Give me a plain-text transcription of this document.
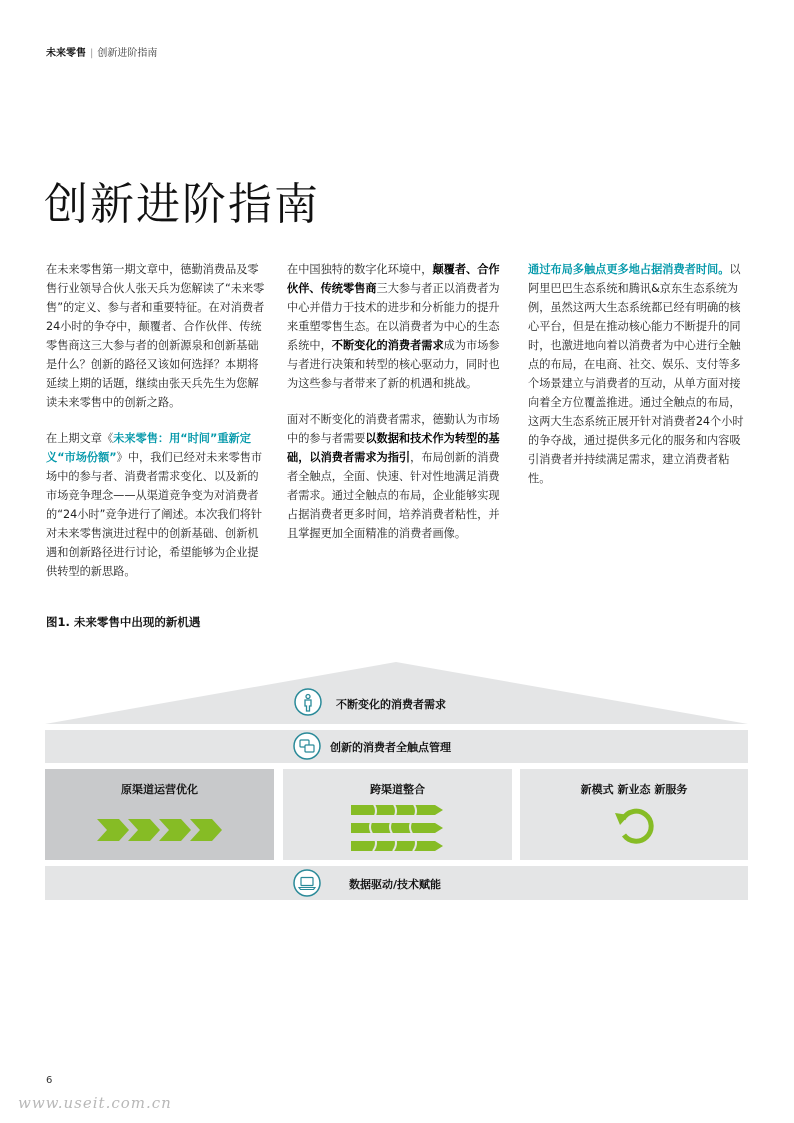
未来零售 | 创新进阶指南
创新进阶指南

在未来零售第一期文章中，德勤消费品及零售行业领导合伙人张天兵为您解读了“未来零售”的定义、参与者和重要特征。在对消费者24小时的争夺中，颠覆者、合作伙伴、传统零售商这三大参与者的创新源泉和创新基础是什么？创新的路径又该如何选择？本期将延续上期的话题，继续由张天兵先生为您解读未来零售中的创新之路。

在上期文章《未来零售：用“时间”重新定义“市场份额”》中，我们已经对未来零售市场中的参与者、消费者需求变化、以及新的市场竞争理念——从渠道竞争变为对消费者的“24小时”竞争进行了阐述。本次我们将针对未来零售演进过程中的创新基础、创新机遇和创新路径进行讨论，希望能够为企业提供转型的新思路。

在中国独特的数字化环境中，颠覆者、合作伙伴、传统零售商三大参与者正以消费者为中心并借力于技术的进步和分析能力的提升来重塑零售生态。在以消费者为中心的生态系统中，不断变化的消费者需求成为市场参与者进行决策和转型的核心驱动力，同时也为这些参与者带来了新的机遇和挑战。

面对不断变化的消费者需求，德勤认为市场中的参与者需要以数据和技术作为转型的基础，以消费者需求为指引，布局创新的消费者全触点，全面、快速、针对性地满足消费者需求。通过全触点的布局，企业能够实现占据消费者更多时间，培养消费者粘性，并且掌握更加全面精准的消费者画像。

通过布局多触点更多地占据消费者时间。以阿里巴巴生态系统和腾讯&京东生态系统为例，虽然这两大生态系统都已经有明确的核心平台，但是在推动核心能力不断提升的同时，也激进地向着以消费者为中心进行全触点的布局，在电商、社交、娱乐、支付等多个场景建立与消费者的互动，从单方面对接向着全方位覆盖推进。通过全触点的布局，这两大生态系统正展开针对消费者24个小时的争夺战，通过提供多元化的服务和内容吸引消费者并持续满足需求，建立消费者粘性。

图1. 未来零售中出现的新机遇
不断变化的消费者需求
创新的消费者全触点管理
原渠道运营优化	跨渠道整合	新模式 新业态 新服务
数据驱动/技术赋能
6
www.useit.com.cn
